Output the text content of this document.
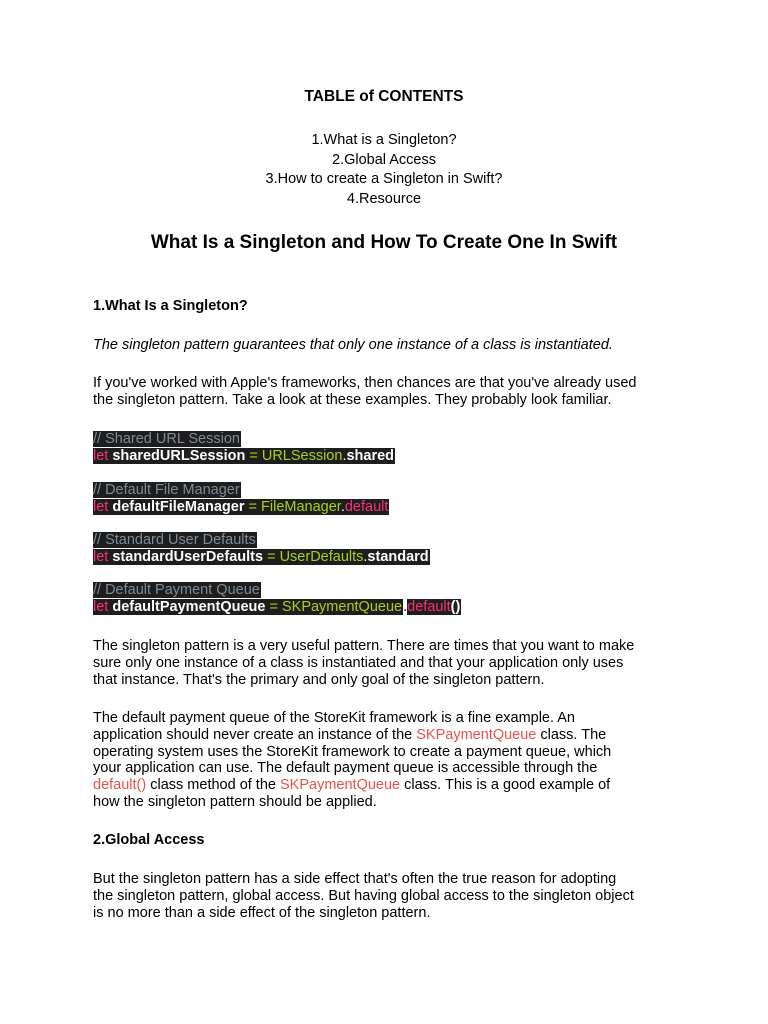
TABLE of CONTENTS
1.What is a Singleton?
2.Global Access
3.How to create a Singleton in Swift?
4.Resource
What Is a Singleton and How To Create One In Swift
1.What Is a Singleton?
The singleton pattern guarantees that only one instance of a class is instantiated.
If you've worked with Apple's frameworks, then chances are that you've already used
the singleton pattern. Take a look at these examples. They probably look familiar.
// Shared URL Session
let sharedURLSession = URLSession.shared
// Default File Manager
let defaultFileManager = FileManager.default
// Standard User Defaults
let standardUserDefaults = UserDefaults.standard
// Default Payment Queue
let defaultPaymentQueue = SKPaymentQueue.default()
The singleton pattern is a very useful pattern. There are times that you want to make
sure only one instance of a class is instantiated and that your application only uses
that instance. That's the primary and only goal of the singleton pattern.
The default payment queue of the StoreKit framework is a fine example. An
application should never create an instance of the SKPaymentQueue class. The
operating system uses the StoreKit framework to create a payment queue, which
your application can use. The default payment queue is accessible through the
default() class method of the SKPaymentQueue class. This is a good example of
how the singleton pattern should be applied.
2.Global Access
But the singleton pattern has a side effect that's often the true reason for adopting
the singleton pattern, global access. But having global access to the singleton object
is no more than a side effect of the singleton pattern.
